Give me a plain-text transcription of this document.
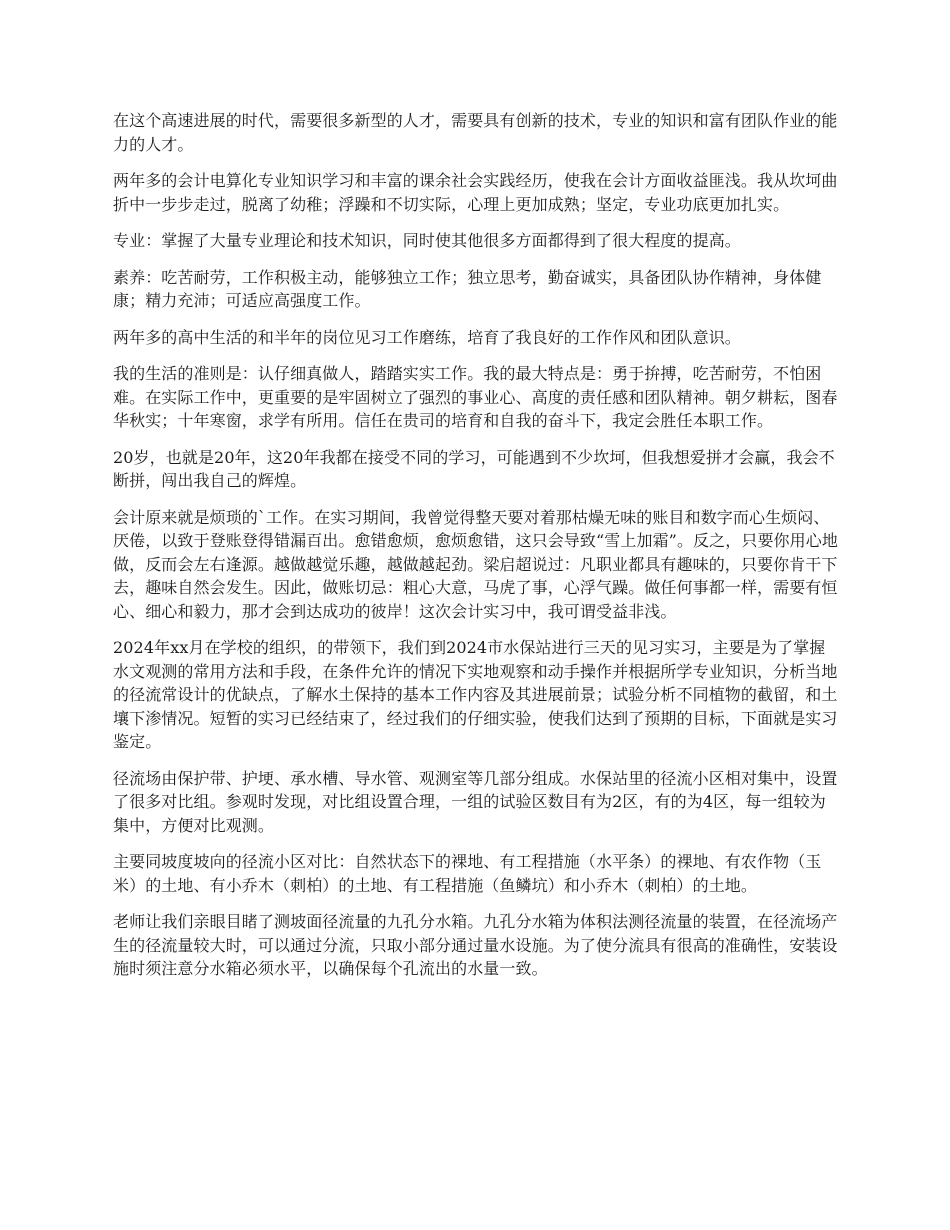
在这个高速进展的时代，需要很多新型的人才，需要具有创新的技术，专业的知识和富有团队作业的能力的人才。

两年多的会计电算化专业知识学习和丰富的课余社会实践经历，使我在会计方面收益匪浅。我从坎坷曲折中一步步走过，脱离了幼稚；浮躁和不切实际，心理上更加成熟；坚定，专业功底更加扎实。

专业：掌握了大量专业理论和技术知识，同时使其他很多方面都得到了很大程度的提高。

素养：吃苦耐劳，工作积极主动，能够独立工作；独立思考，勤奋诚实，具备团队协作精神，身体健康；精力充沛；可适应高强度工作。

两年多的高中生活的和半年的岗位见习工作磨练，培育了我良好的工作作风和团队意识。

我的生活的准则是：认仔细真做人，踏踏实实工作。我的最大特点是：勇于拚搏，吃苦耐劳，不怕困难。在实际工作中，更重要的是牢固树立了强烈的事业心、高度的责任感和团队精神。朝夕耕耘，图春华秋实；十年寒窗，求学有所用。信任在贵司的培育和自我的奋斗下，我定会胜任本职工作。

20岁，也就是20年，这20年我都在接受不同的学习，可能遇到不少坎坷，但我想爱拼才会赢，我会不断拼，闯出我自己的辉煌。

会计原来就是烦琐的`工作。在实习期间，我曾觉得整天要对着那枯燥无味的账目和数字而心生烦闷、厌倦，以致于登账登得错漏百出。愈错愈烦，愈烦愈错，这只会导致“雪上加霜”。反之，只要你用心地做，反而会左右逢源。越做越觉乐趣，越做越起劲。梁启超说过：凡职业都具有趣味的，只要你肯干下去，趣味自然会发生。因此，做账切忌：粗心大意，马虎了事，心浮气躁。做任何事都一样，需要有恒心、细心和毅力，那才会到达成功的彼岸！这次会计实习中，我可谓受益非浅。

2024年xx月在学校的组织，的带领下，我们到2024市水保站进行三天的见习实习，主要是为了掌握水文观测的常用方法和手段，在条件允许的情况下实地观察和动手操作并根据所学专业知识，分析当地的径流常设计的优缺点，了解水土保持的基本工作内容及其进展前景；试验分析不同植物的截留，和土壤下渗情况。短暂的实习已经结束了，经过我们的仔细实验，使我们达到了预期的目标，下面就是实习鉴定。

径流场由保护带、护埂、承水槽、导水管、观测室等几部分组成。水保站里的径流小区相对集中，设置了很多对比组。参观时发现，对比组设置合理，一组的试验区数目有为2区，有的为4区，每一组较为集中，方便对比观测。

主要同坡度坡向的径流小区对比：自然状态下的裸地、有工程措施（水平条）的裸地、有农作物（玉米）的土地、有小乔木（刺柏）的土地、有工程措施（鱼鳞坑）和小乔木（刺柏）的土地。

老师让我们亲眼目睹了测坡面径流量的九孔分水箱。九孔分水箱为体积法测径流量的装置，在径流场产生的径流量较大时，可以通过分流，只取小部分通过量水设施。为了使分流具有很高的准确性，安装设施时须注意分水箱必须水平，以确保每个孔流出的水量一致。
